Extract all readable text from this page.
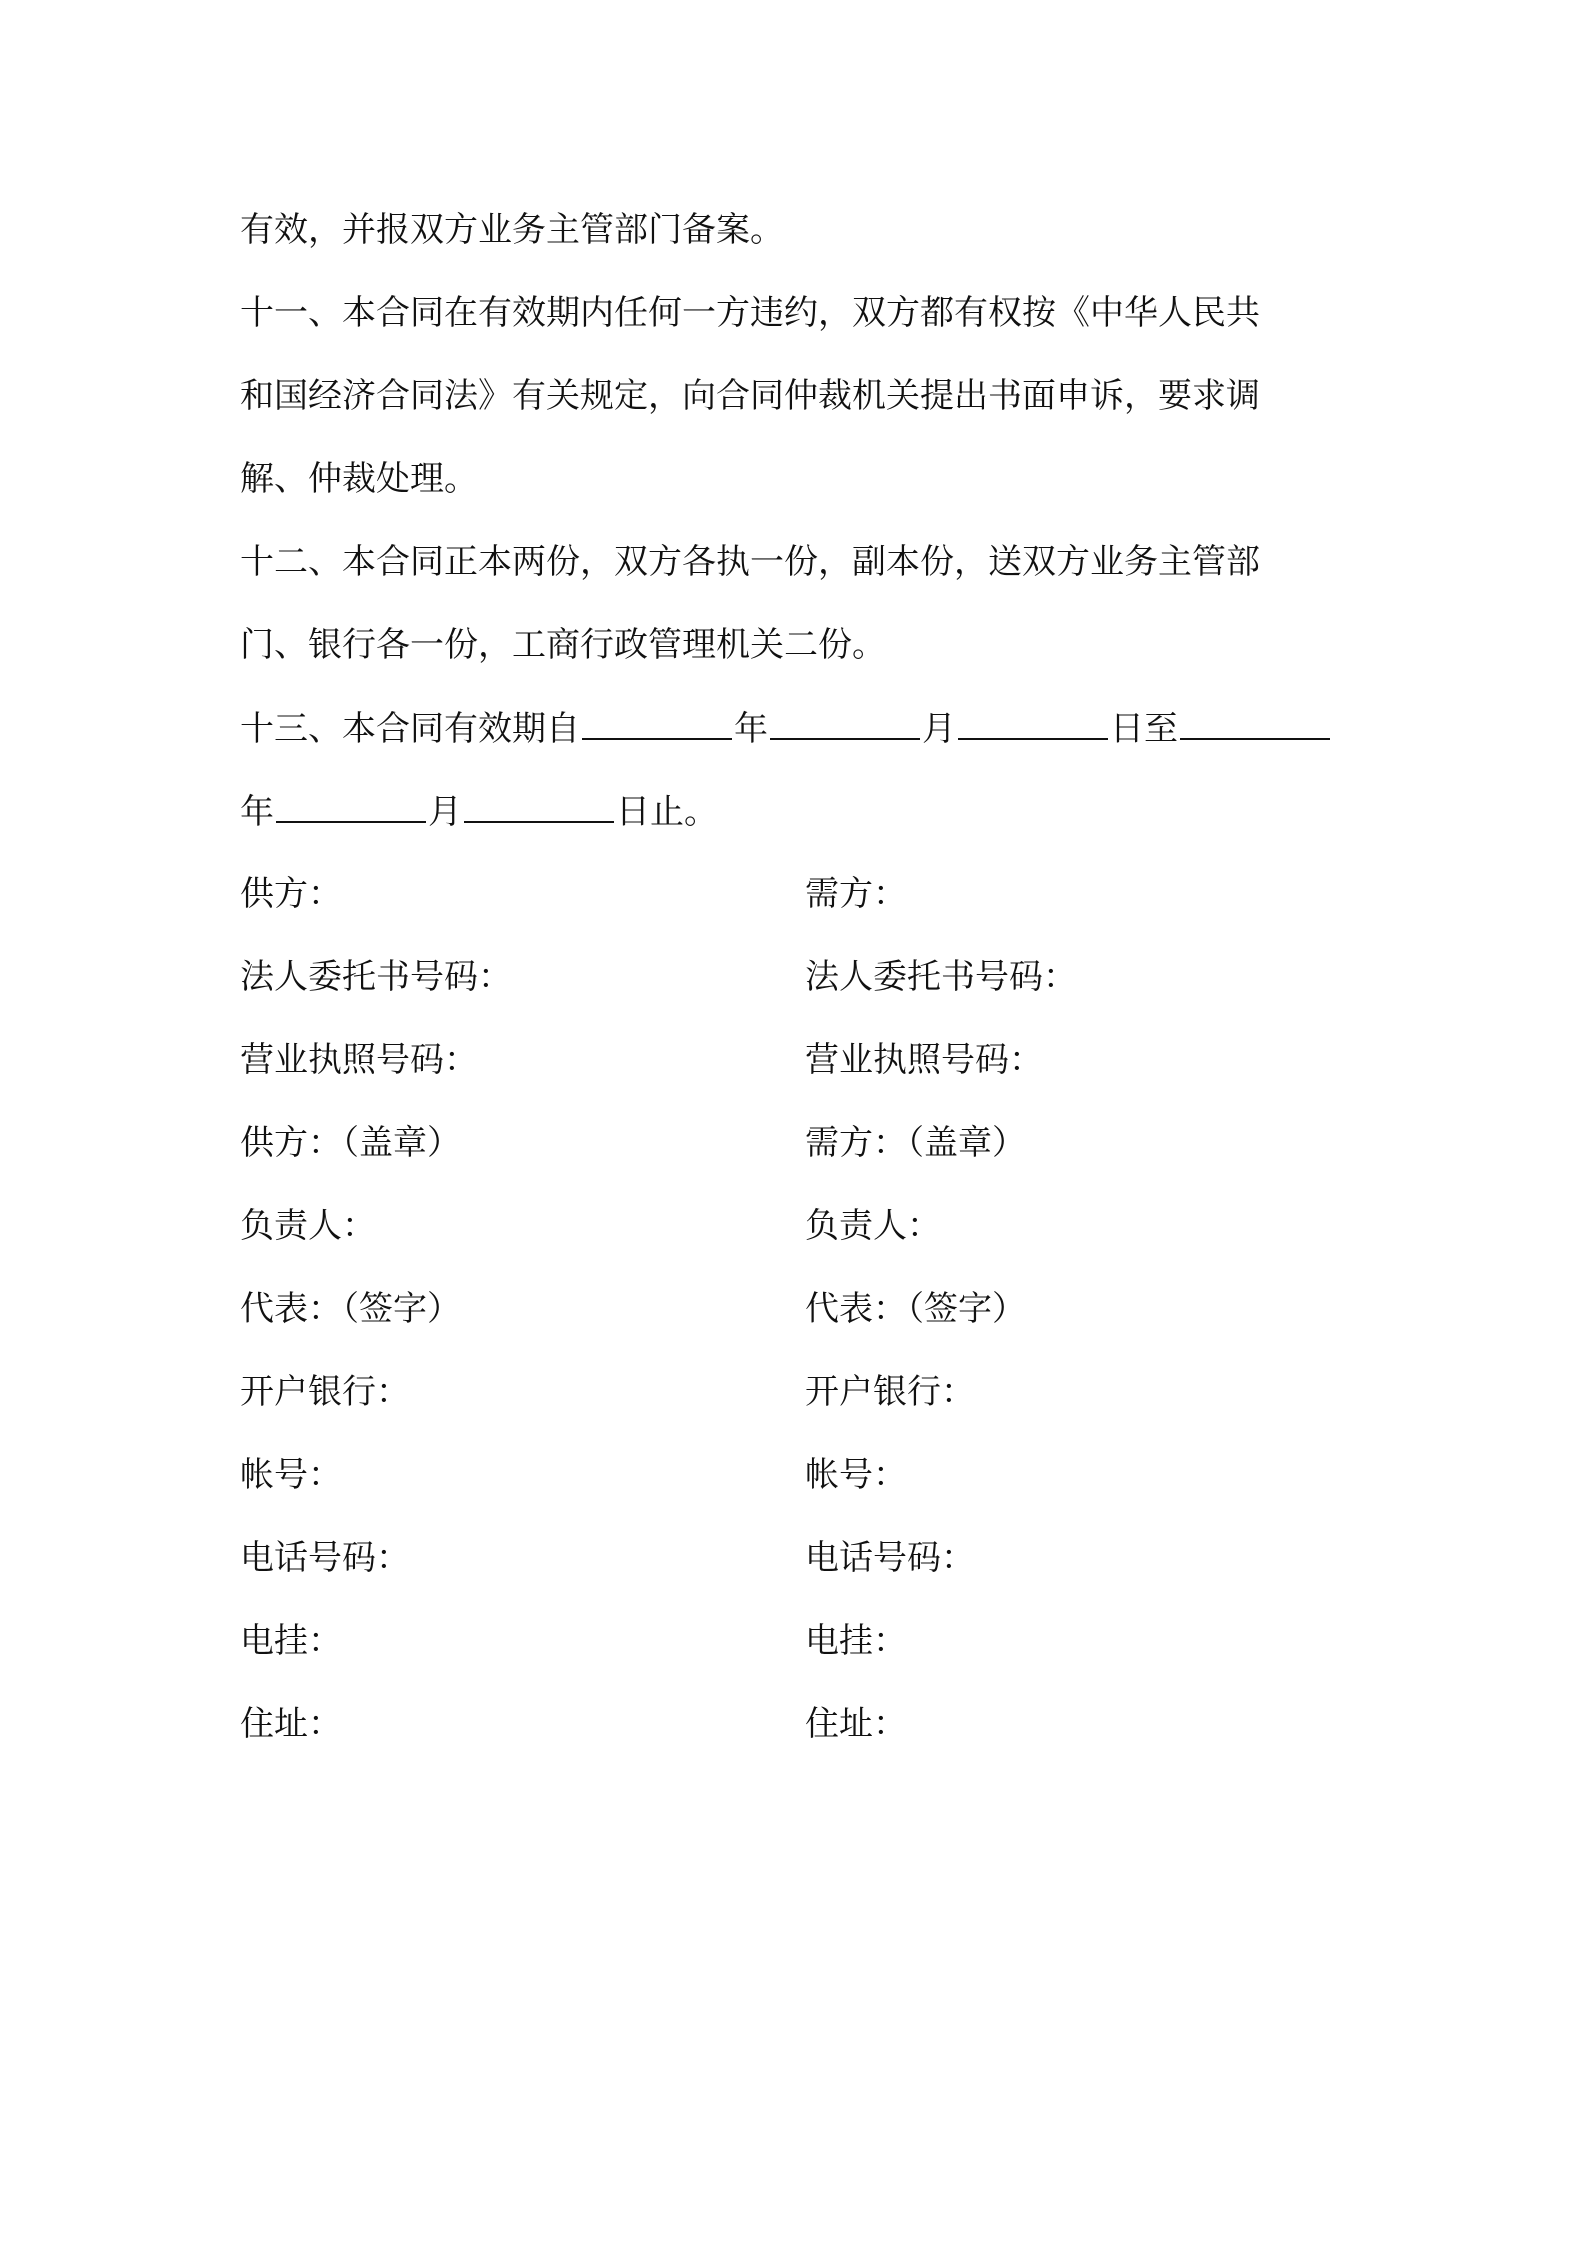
有效，并报双方业务主管部门备案。
十一、本合同在有效期内任何一方违约，双方都有权按《中华人民共
和国经济合同法》有关规定，向合同仲裁机关提出书面申诉，要求调
解、仲裁处理。
十二、本合同正本两份，双方各执一份，副本份，送双方业务主管部
门、银行各一份，工商行政管理机关二份。
十三、本合同有效期自	年	月	日至
年	月	日止。
供方：	需方：
法人委托书号码：	法人委托书号码：
营业执照号码：	营业执照号码：
供方：（盖章）	需方：（盖章）
负责人：	负责人：
代表：（签字）	代表：（签字）
开户银行：	开户银行：
帐号：	帐号：
电话号码：	电话号码：
电挂：	电挂：
住址：	住址：
